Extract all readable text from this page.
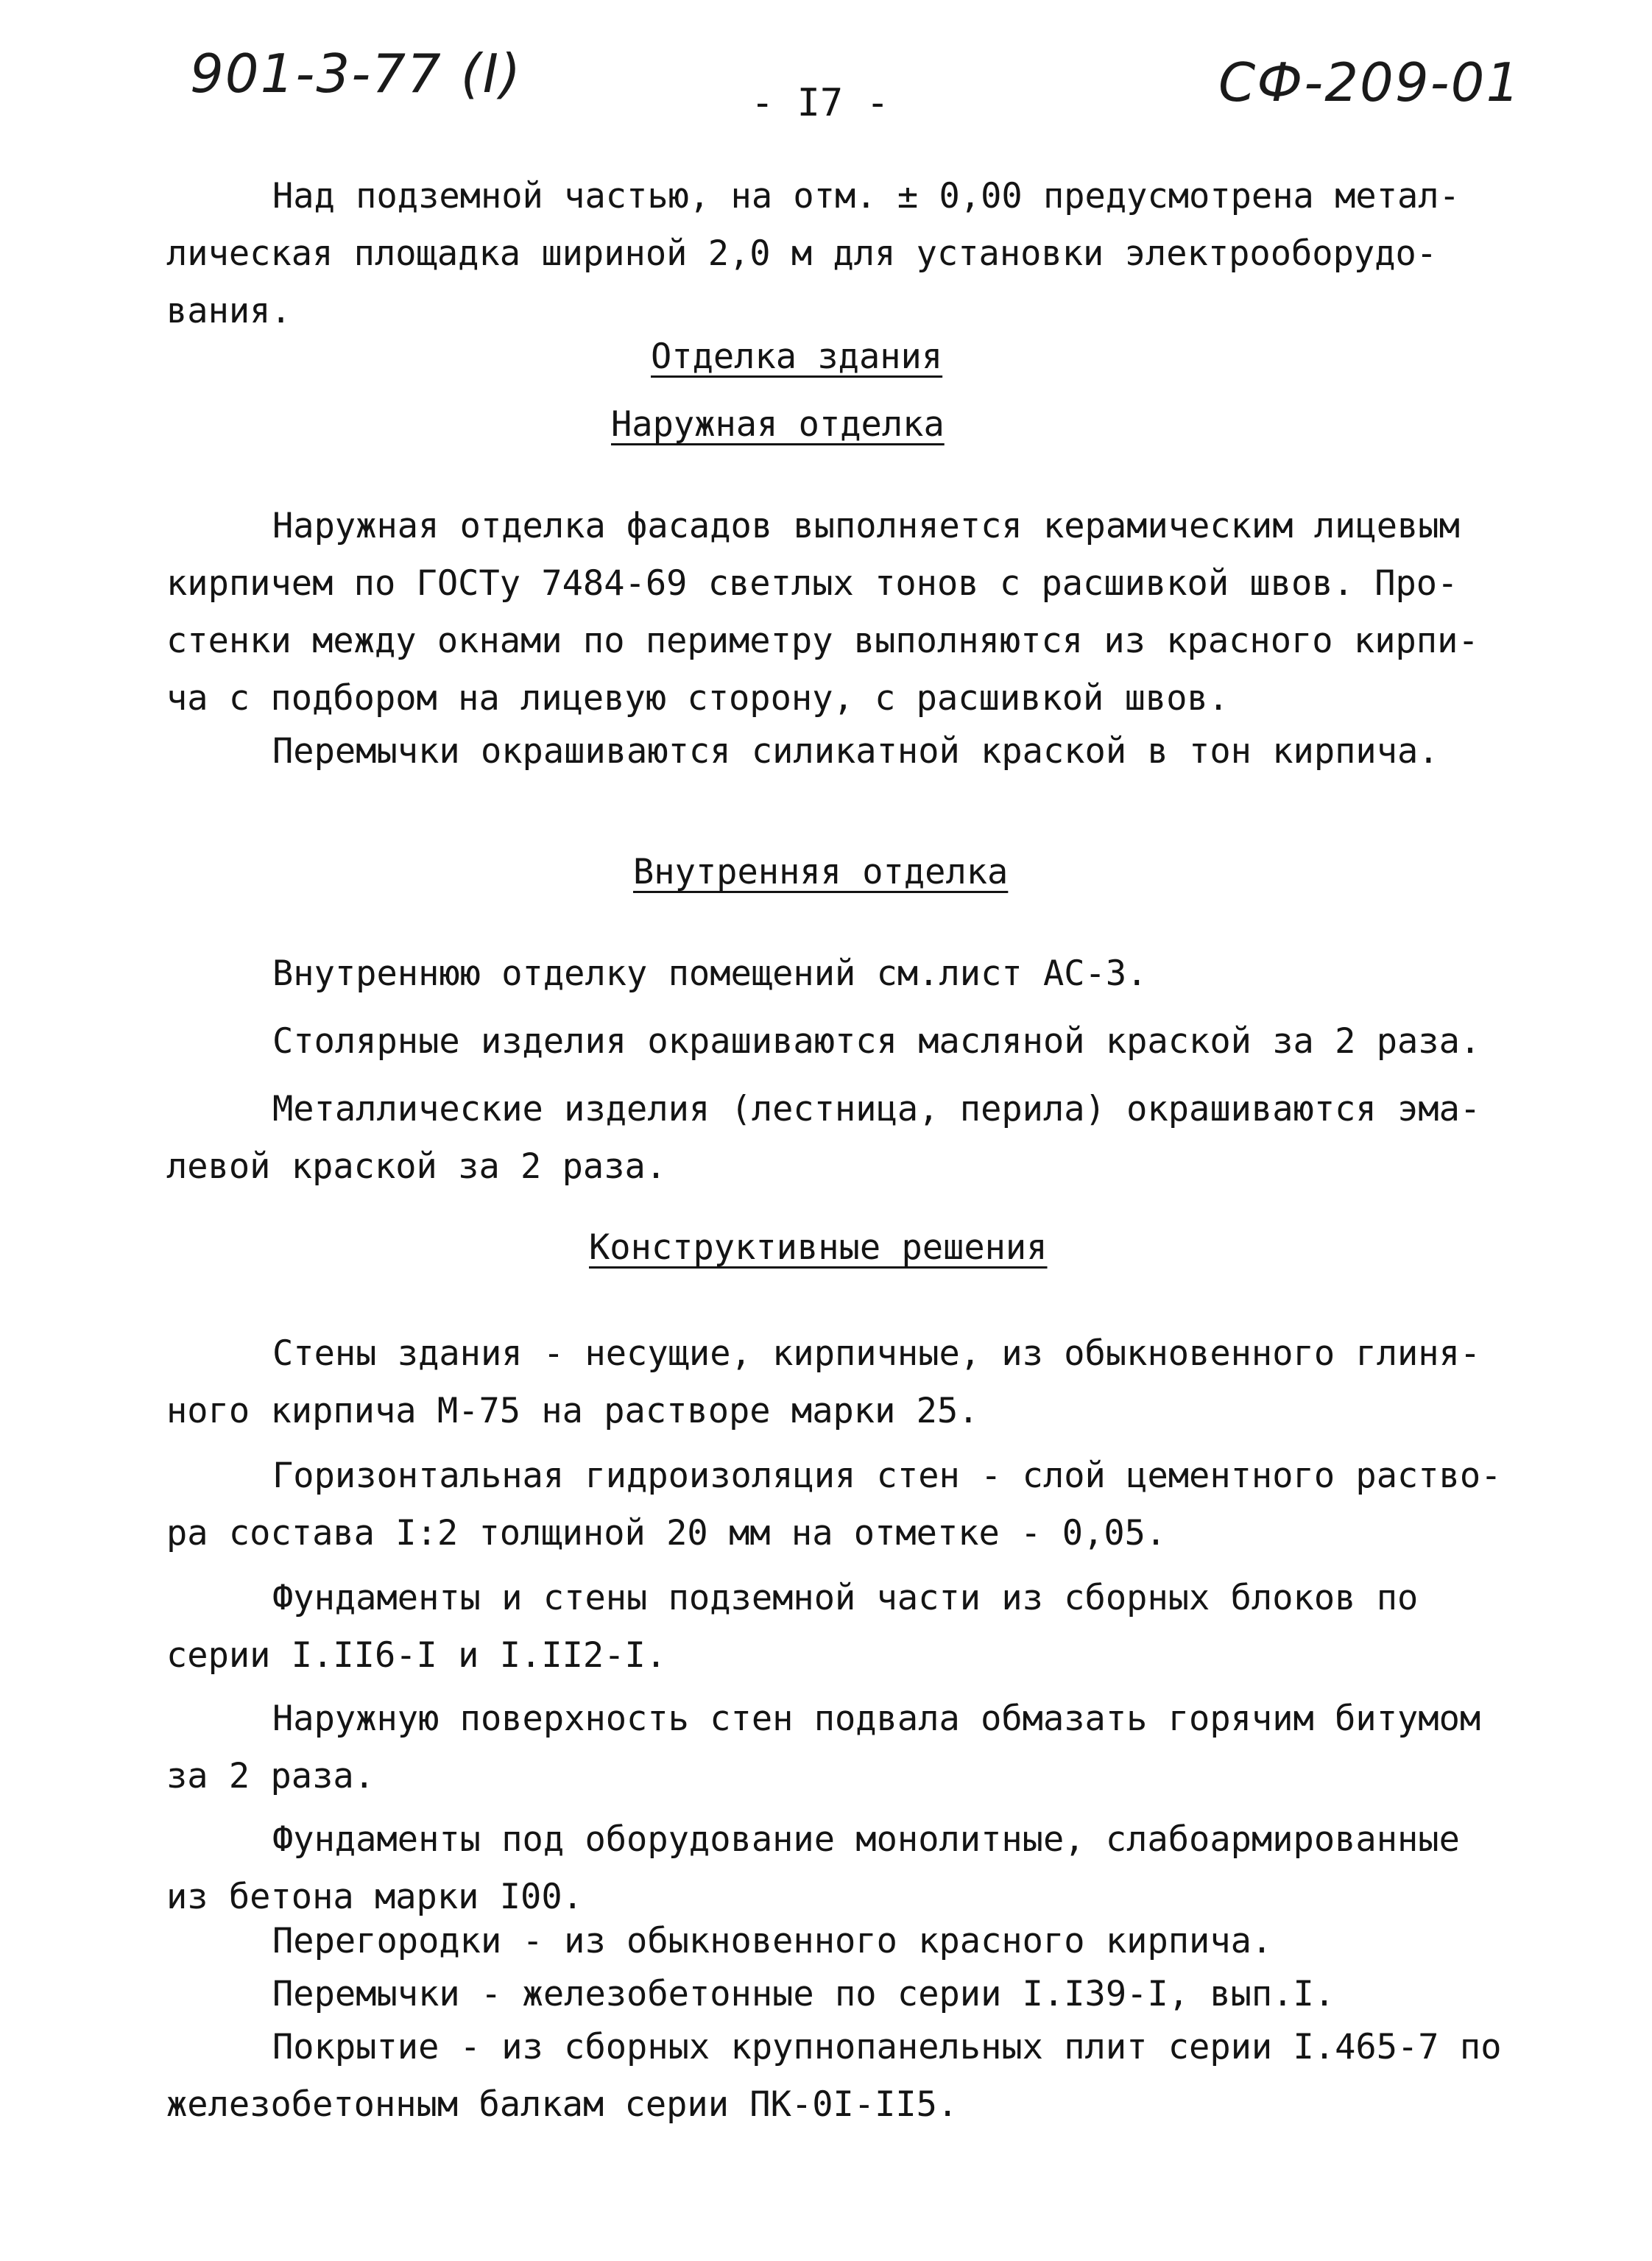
901-3-77 (I)	- I7 -	СФ-209-01
Над подземной частью, на отм. ± 0,00 предусмотрена метал-
лическая площадка шириной 2,0 м для установки электрооборудо-
вания.
Отделка здания
Наружная отделка
Наружная отделка фасадов выполняется керамическим лицевым
кирпичем по ГОСТу 7484-69 светлых тонов с расшивкой швов. Про-
стенки между окнами по периметру выполняются из красного кирпи-
ча с подбором на лицевую сторону, с расшивкой швов.
Перемычки окрашиваются силикатной краской в тон кирпича.
Внутренняя отделка
Внутреннюю отделку помещений см.лист АС-3.
Столярные изделия окрашиваются масляной краской за 2 раза.
Металлические изделия (лестница, перила) окрашиваются эма-
левой краской за 2 раза.
Конструктивные решения
Стены здания - несущие, кирпичные, из обыкновенного глиня-
ного кирпича М-75 на растворе марки 25.
Горизонтальная гидроизоляция стен - слой цементного раство-
ра состава I:2 толщиной 20 мм на отметке - 0,05.
Фундаменты и стены подземной части из сборных блоков по
серии I.II6-I и I.II2-I.
Наружную поверхность стен подвала обмазать горячим битумом
за 2 раза.
Фундаменты под оборудование монолитные, слабоармированные
из бетона марки I00.
Перегородки - из обыкновенного красного кирпича.
Перемычки - железобетонные по серии I.I39-I, вып.I.
Покрытие - из сборных крупнопанельных плит серии I.465-7 по
железобетонным балкам серии ПК-0I-II5.
